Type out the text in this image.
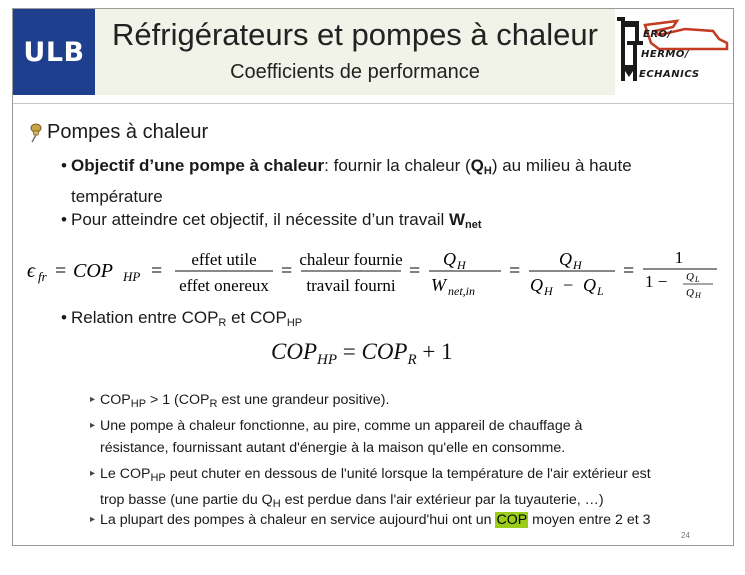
ULB Réfrigérateurs et pompes à chaleur
Coefficients de performance
ERO/
HERMO/
ECHANICS
Pompes à chaleur
• Objectif d’une pompe à chaleur: fournir la chaleur $(Q_H)$ au milieu à haute
température
• Pour atteindre cet objectif, il nécessite d’un travail $W_{net}$
ϵ fr = COP HP =
effet utile
effet onereux
=
chaleur fournie
travail fourni
=
Q H
W net,in
=
Q H
Q H − Q L
=
1
1 − Q L
Q H
• Relation entre $COP_R$ et $COP_{HP}$
$COP_{HP} = COP_R + 1$
▸ $COP_{HP} > 1$ ($COP_R$ est une grandeur positive).
▸ Une pompe à chaleur fonctionne, au pire, comme un appareil de chauffage à
résistance, fournissant autant d'énergie à la maison qu'elle en consomme.
▸ Le $COP_{HP}$ peut chuter en dessous de l'unité lorsque la température de l'air extérieur est
trop basse (une partie du $Q_H$ est perdue dans l'air extérieur par la tuyauterie, …)
▸ La plupart des pompes à chaleur en service aujourd'hui ont un COP moyen entre 2 et 3
24
